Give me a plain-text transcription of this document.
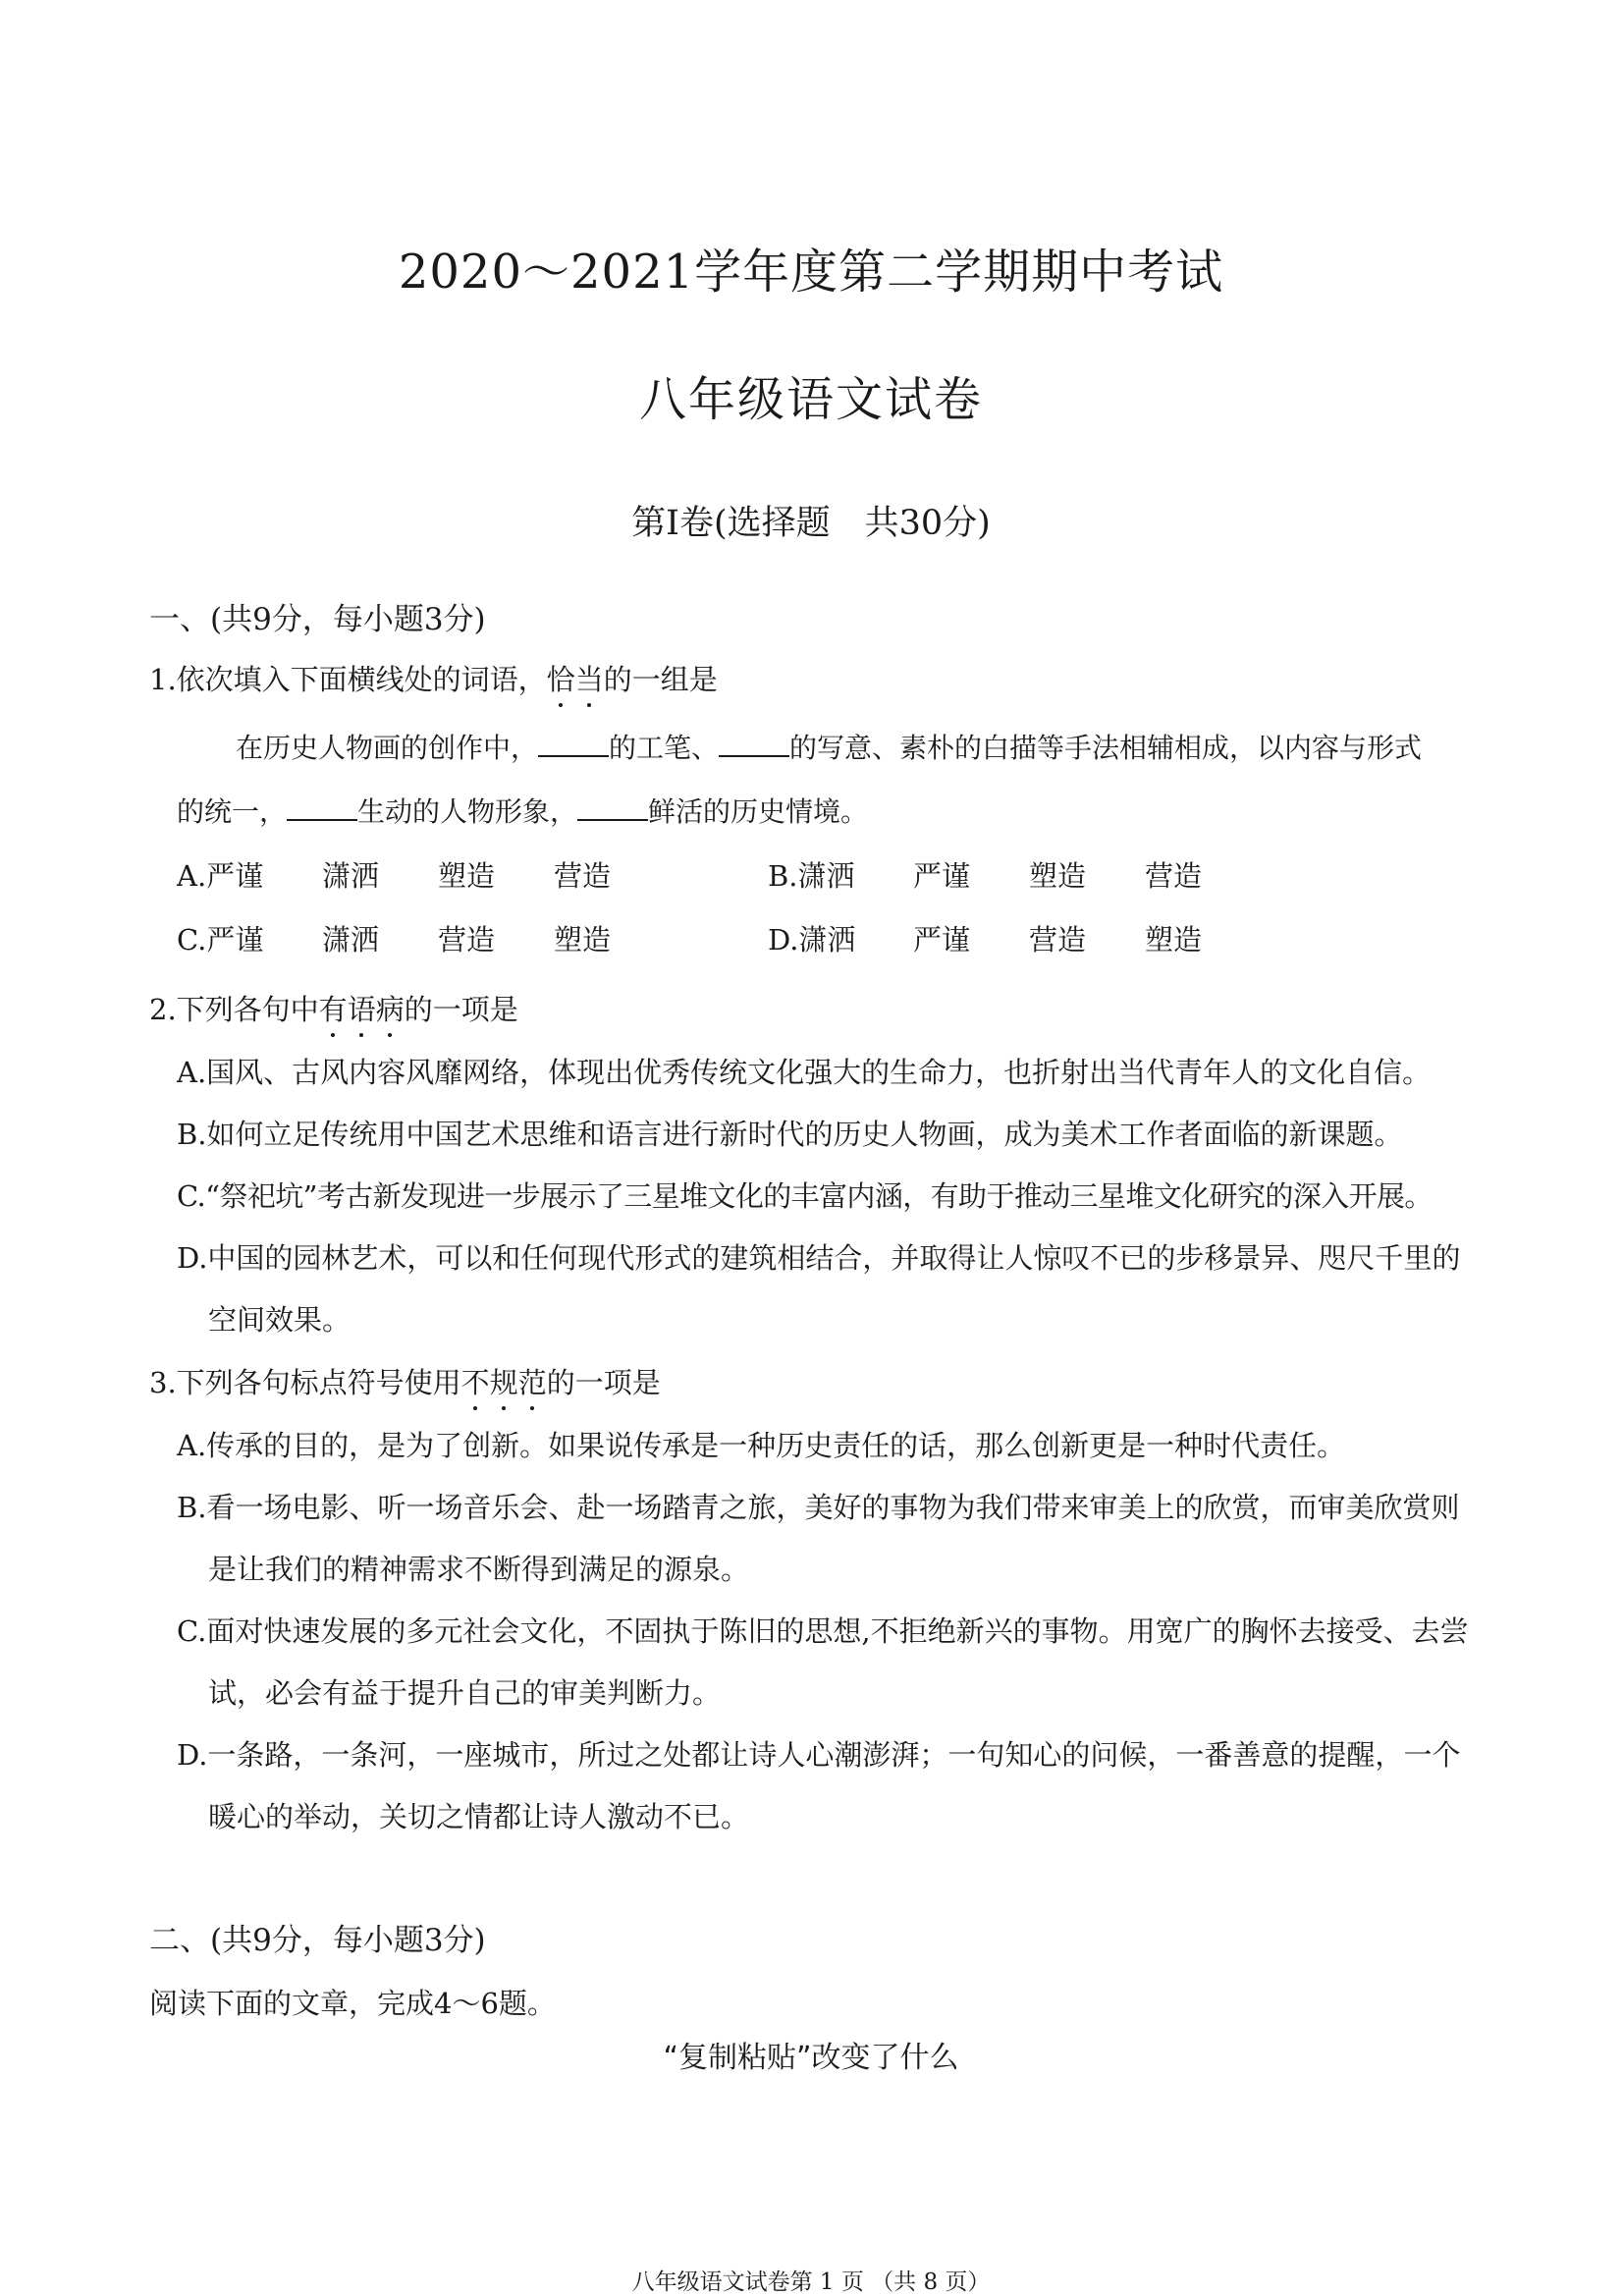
2020～2021学年度第二学期期中考试
八年级语文试卷
第Ⅰ卷(选择题　共30分)
一、(共9分，每小题3分)
1.依次填入下面横线处的词语，恰当的一组是
在历史人物画的创作中，	的工笔、	的写意、素朴的白描等手法相辅相成，以内容与形式
的统一，	生动的人物形象，	鲜活的历史情境。
A.严谨 潇洒 塑造 营造	B.潇洒 严谨 塑造 营造
C.严谨 潇洒 营造 塑造	D.潇洒 严谨 营造 塑造
2.下列各句中有语病的一项是
A.国风、古风内容风靡网络，体现出优秀传统文化强大的生命力，也折射出当代青年人的文化自信。
B.如何立足传统用中国艺术思维和语言进行新时代的历史人物画，成为美术工作者面临的新课题。
C.“祭祀坑”考古新发现进一步展示了三星堆文化的丰富内涵，有助于推动三星堆文化研究的深入开展。
D.中国的园林艺术，可以和任何现代形式的建筑相结合，并取得让人惊叹不已的步移景异、咫尺千里的
空间效果。
3.下列各句标点符号使用不规范的一项是
A.传承的目的，是为了创新。如果说传承是一种历史责任的话，那么创新更是一种时代责任。
B.看一场电影、听一场音乐会、赴一场踏青之旅，美好的事物为我们带来审美上的欣赏，而审美欣赏则
是让我们的精神需求不断得到满足的源泉。
C.面对快速发展的多元社会文化，不固执于陈旧的思想,不拒绝新兴的事物。用宽广的胸怀去接受、去尝
试，必会有益于提升自己的审美判断力。
D.一条路，一条河，一座城市，所过之处都让诗人心潮澎湃；一句知心的问候，一番善意的提醒，一个
暖心的举动，关切之情都让诗人激动不已。
二、(共9分，每小题3分)
阅读下面的文章，完成4～6题。
“复制粘贴”改变了什么
八年级语文试卷第 1 页 （共 8 页）
